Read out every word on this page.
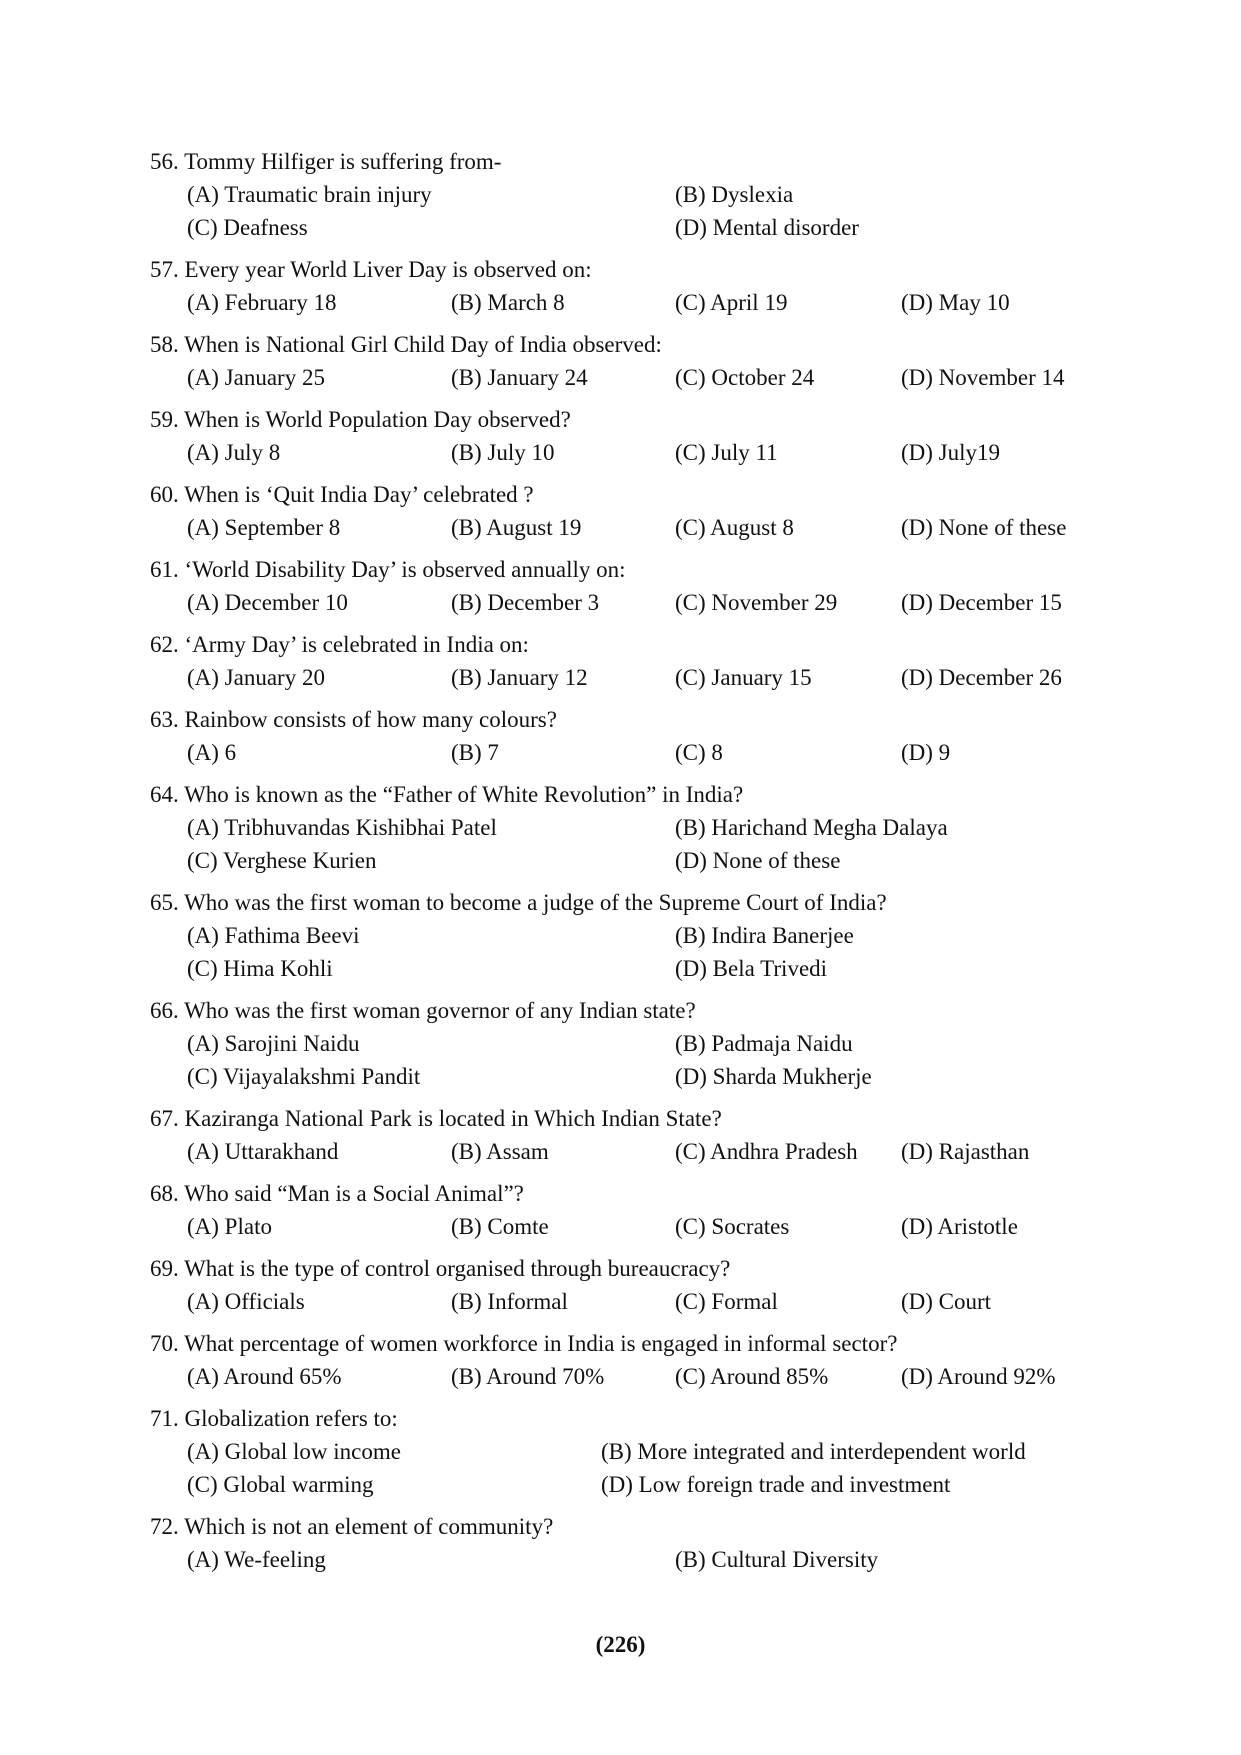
56. Tommy Hilfiger is suffering from-
(A) Traumatic brain injury	(B) Dyslexia
(C) Deafness	(D) Mental disorder
57. Every year World Liver Day is observed on:
(A) February 18	(B) March 8	(C) April 19	(D) May 10
58. When is National Girl Child Day of India observed:
(A) January 25	(B) January 24	(C) October 24	(D) November 14
59. When is World Population Day observed?
(A) July 8	(B) July 10	(C) July 11	(D) July19
60. When is ‘Quit India Day’ celebrated ?
(A) September 8	(B) August 19	(C) August 8	(D) None of these
61. ‘World Disability Day’ is observed annually on:
(A) December 10	(B) December 3	(C) November 29	(D) December 15
62. ‘Army Day’ is celebrated in India on:
(A) January 20	(B) January 12	(C) January 15	(D) December 26
63. Rainbow consists of how many colours?
(A) 6	(B) 7	(C) 8	(D) 9
64. Who is known as the “Father of White Revolution” in India?
(A) Tribhuvandas Kishibhai Patel	(B) Harichand Megha Dalaya
(C) Verghese Kurien	(D) None of these
65. Who was the first woman to become a judge of the Supreme Court of India?
(A) Fathima Beevi	(B) Indira Banerjee
(C) Hima Kohli	(D) Bela Trivedi
66. Who was the first woman governor of any Indian state?
(A) Sarojini Naidu	(B) Padmaja Naidu
(C) Vijayalakshmi Pandit	(D) Sharda Mukherje
67. Kaziranga National Park is located in Which Indian State?
(A) Uttarakhand	(B) Assam	(C) Andhra Pradesh (D) Rajasthan
68. Who said “Man is a Social Animal”?
(A) Plato	(B) Comte	(C) Socrates	(D) Aristotle
69. What is the type of control organised through bureaucracy?
(A) Officials	(B) Informal	(C) Formal	(D) Court
70. What percentage of women workforce in India is engaged in informal sector?
(A) Around 65%	(B) Around 70%	(C) Around 85%	(D) Around 92%
71. Globalization refers to:
(A) Global low income	(B) More integrated and interdependent world
(C) Global warming	(D) Low foreign trade and investment
72. Which is not an element of community?
(A) We-feeling	(B) Cultural Diversity
(226)
